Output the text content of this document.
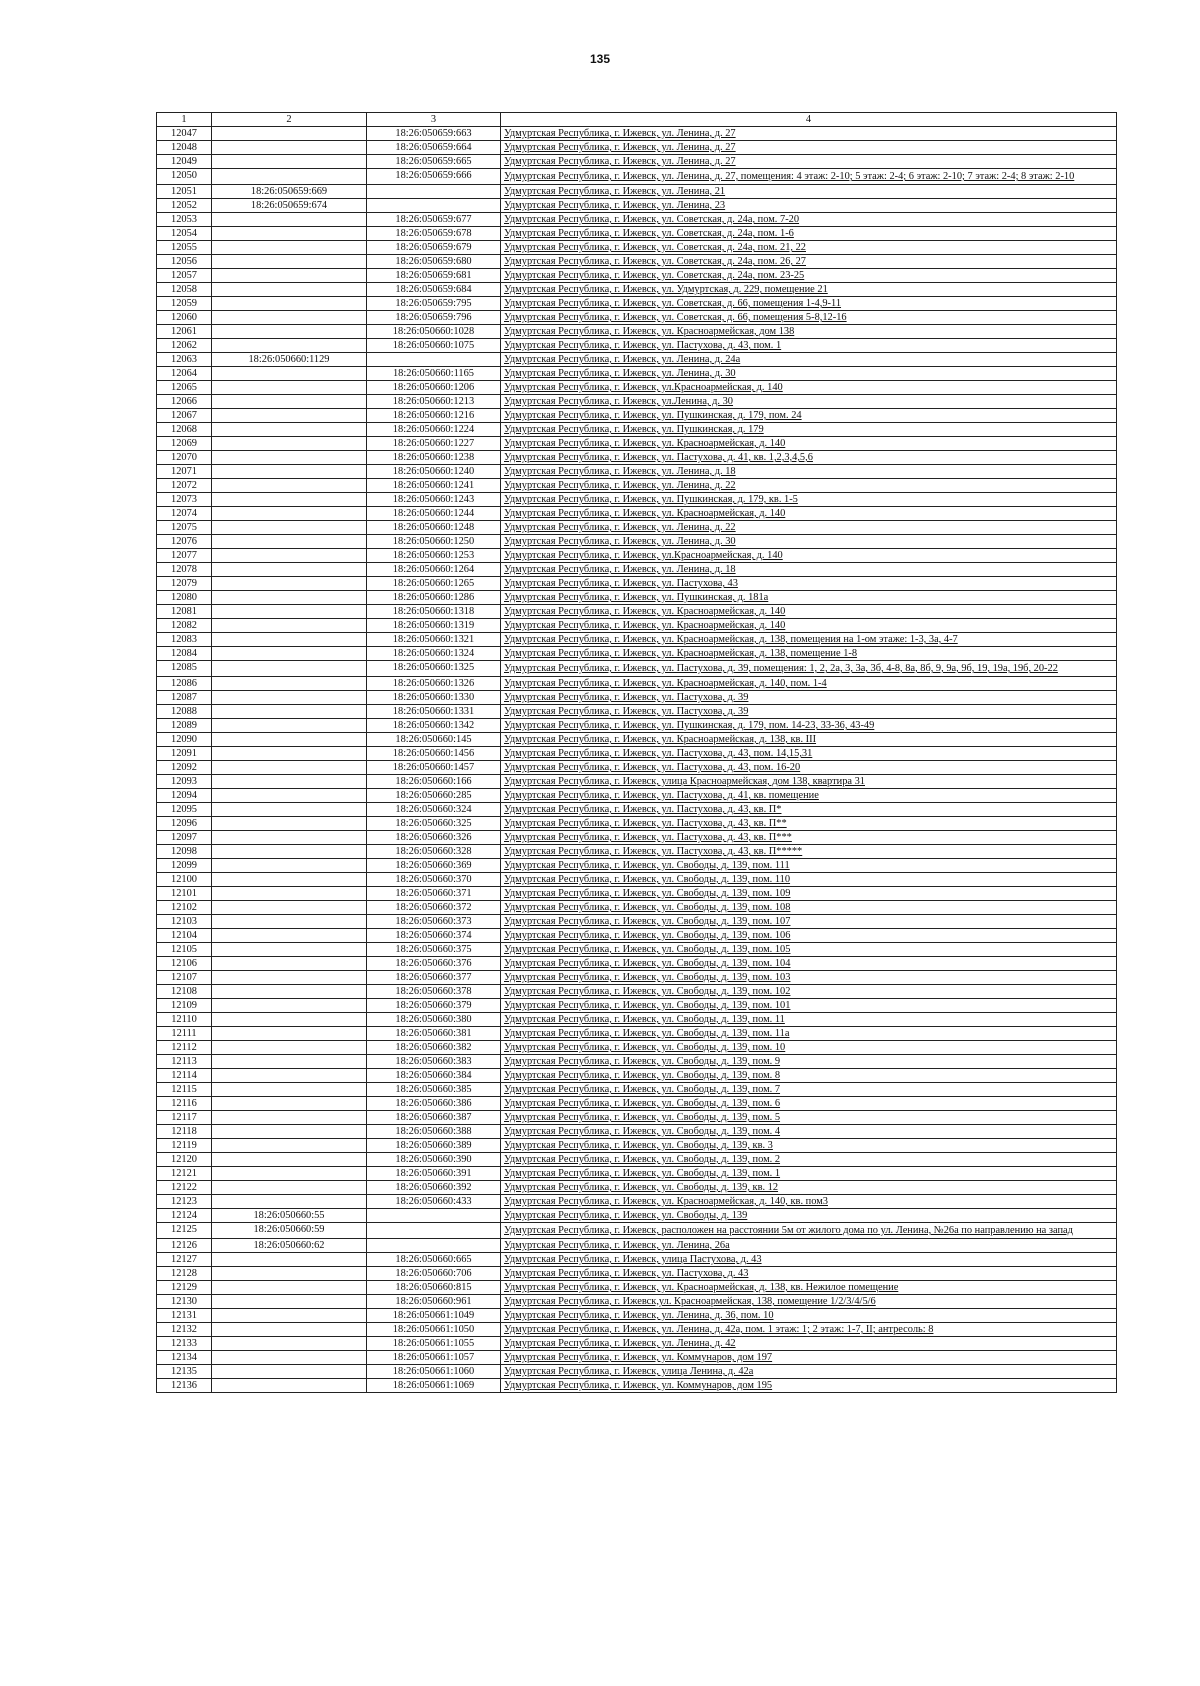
135
1	2	3	4
12047		18:26:050659:663	Удмуртская Республика, г. Ижевск, ул. Ленина, д. 27
12048		18:26:050659:664	Удмуртская Республика, г. Ижевск, ул. Ленина, д. 27
12049		18:26:050659:665	Удмуртская Республика, г. Ижевск, ул. Ленина, д. 27
12050		18:26:050659:666	Удмуртская Республика, г. Ижевск, ул. Ленина, д. 27, помещения: 4 этаж: 2-10; 5 этаж: 2-4; 6 этаж: 2-10; 7 этаж: 2-4; 8 этаж: 2-10
12051	18:26:050659:669		Удмуртская Республика, г. Ижевск, ул. Ленина, 21
12052	18:26:050659:674		Удмуртская Республика, г. Ижевск, ул. Ленина, 23
12053		18:26:050659:677	Удмуртская Республика, г. Ижевск, ул. Советская, д. 24а, пом. 7-20
12054		18:26:050659:678	Удмуртская Республика, г. Ижевск, ул. Советская, д. 24а, пом. 1-6
12055		18:26:050659:679	Удмуртская Республика, г. Ижевск, ул. Советская, д. 24а, пом. 21, 22
12056		18:26:050659:680	Удмуртская Республика, г. Ижевск, ул. Советская, д. 24а, пом. 26, 27
12057		18:26:050659:681	Удмуртская Республика, г. Ижевск, ул. Советская, д. 24а, пом. 23-25
12058		18:26:050659:684	Удмуртская Республика, г. Ижевск, ул. Удмуртская, д. 229, помещение 21
12059		18:26:050659:795	Удмуртская Республика, г. Ижевск, ул. Советская, д. 66, помещения 1-4,9-11
12060		18:26:050659:796	Удмуртская Республика, г. Ижевск, ул. Советская, д. 66, помещения 5-8,12-16
12061		18:26:050660:1028	Удмуртская Республика, г. Ижевск, ул. Красноармейская, дом 138
12062		18:26:050660:1075	Удмуртская Республика, г. Ижевск, ул. Пастухова, д. 43, пом. 1
12063	18:26:050660:1129		Удмуртская Республика, г. Ижевск, ул. Ленина, д. 24а
12064		18:26:050660:1165	Удмуртская Республика, г. Ижевск, ул. Ленина, д. 30
12065		18:26:050660:1206	Удмуртская Республика, г. Ижевск, ул.Красноармейская, д. 140
12066		18:26:050660:1213	Удмуртская Республика, г. Ижевск, ул.Ленина, д. 30
12067		18:26:050660:1216	Удмуртская Республика, г. Ижевск, ул. Пушкинская, д. 179, пом. 24
12068		18:26:050660:1224	Удмуртская Республика, г. Ижевск, ул. Пушкинская, д. 179
12069		18:26:050660:1227	Удмуртская Республика, г. Ижевск, ул. Красноармейская, д. 140
12070		18:26:050660:1238	Удмуртская Республика, г. Ижевск, ул. Пастухова, д. 41, кв. 1,2,3,4,5,6
12071		18:26:050660:1240	Удмуртская Республика, г. Ижевск, ул. Ленина, д. 18
12072		18:26:050660:1241	Удмуртская Республика, г. Ижевск, ул. Ленина, д. 22
12073		18:26:050660:1243	Удмуртская Республика, г. Ижевск, ул. Пушкинская, д. 179, кв. 1-5
12074		18:26:050660:1244	Удмуртская Республика, г. Ижевск, ул. Красноармейская, д. 140
12075		18:26:050660:1248	Удмуртская Республика, г. Ижевск, ул. Ленина, д. 22
12076		18:26:050660:1250	Удмуртская Республика, г. Ижевск, ул. Ленина, д. 30
12077		18:26:050660:1253	Удмуртская Республика, г. Ижевск, ул.Красноармейская, д. 140
12078		18:26:050660:1264	Удмуртская Республика, г. Ижевск, ул. Ленина, д. 18
12079		18:26:050660:1265	Удмуртская Республика, г. Ижевск, ул. Пастухова, 43
12080		18:26:050660:1286	Удмуртская Республика, г. Ижевск, ул. Пушкинская, д. 181а
12081		18:26:050660:1318	Удмуртская Республика, г. Ижевск, ул. Красноармейская, д. 140
12082		18:26:050660:1319	Удмуртская Республика, г. Ижевск, ул. Красноармейская, д. 140
12083		18:26:050660:1321	Удмуртская Республика, г. Ижевск, ул. Красноармейская, д. 138, помещения на 1-ом этаже: 1-3, 3а, 4-7
12084		18:26:050660:1324	Удмуртская Республика, г. Ижевск, ул. Красноармейская, д. 138, помещение 1-8
12085		18:26:050660:1325	Удмуртская Республика, г. Ижевск, ул. Пастухова, д. 39, помещения: 1, 2, 2а, 3, 3а, 3б, 4-8, 8а, 8б, 9, 9а, 9б, 19, 19а, 19б, 20-22
12086		18:26:050660:1326	Удмуртская Республика, г. Ижевск, ул. Красноармейская, д. 140, пом. 1-4
12087		18:26:050660:1330	Удмуртская Республика, г. Ижевск, ул. Пастухова, д. 39
12088		18:26:050660:1331	Удмуртская Республика, г. Ижевск, ул. Пастухова, д. 39
12089		18:26:050660:1342	Удмуртская Республика, г. Ижевск, ул. Пушкинская, д. 179, пом. 14-23, 33-36, 43-49
12090		18:26:050660:145	Удмуртская Республика, г. Ижевск, ул. Красноармейская, д. 138, кв. III
12091		18:26:050660:1456	Удмуртская Республика, г. Ижевск, ул. Пастухова, д. 43, пом. 14,15,31
12092		18:26:050660:1457	Удмуртская Республика, г. Ижевск, ул. Пастухова, д. 43, пом. 16-20
12093		18:26:050660:166	Удмуртская Республика, г. Ижевск, улица Красноармейская, дом 138, квартира 31
12094		18:26:050660:285	Удмуртская Республика, г. Ижевск, ул. Пастухова, д. 41, кв. помещение
12095		18:26:050660:324	Удмуртская Республика, г. Ижевск, ул. Пастухова, д. 43, кв. П*
12096		18:26:050660:325	Удмуртская Республика, г. Ижевск, ул. Пастухова, д. 43, кв. П**
12097		18:26:050660:326	Удмуртская Республика, г. Ижевск, ул. Пастухова, д. 43, кв. П***
12098		18:26:050660:328	Удмуртская Республика, г. Ижевск, ул. Пастухова, д. 43, кв. П*****
12099		18:26:050660:369	Удмуртская Республика, г. Ижевск, ул. Свободы, д. 139, пом. 111
12100		18:26:050660:370	Удмуртская Республика, г. Ижевск, ул. Свободы, д. 139, пом. 110
12101		18:26:050660:371	Удмуртская Республика, г. Ижевск, ул. Свободы, д. 139, пом. 109
12102		18:26:050660:372	Удмуртская Республика, г. Ижевск, ул. Свободы, д. 139, пом. 108
12103		18:26:050660:373	Удмуртская Республика, г. Ижевск, ул. Свободы, д. 139, пом. 107
12104		18:26:050660:374	Удмуртская Республика, г. Ижевск, ул. Свободы, д. 139, пом. 106
12105		18:26:050660:375	Удмуртская Республика, г. Ижевск, ул. Свободы, д. 139, пом. 105
12106		18:26:050660:376	Удмуртская Республика, г. Ижевск, ул. Свободы, д. 139, пом. 104
12107		18:26:050660:377	Удмуртская Республика, г. Ижевск, ул. Свободы, д. 139, пом. 103
12108		18:26:050660:378	Удмуртская Республика, г. Ижевск, ул. Свободы, д. 139, пом. 102
12109		18:26:050660:379	Удмуртская Республика, г. Ижевск, ул. Свободы, д. 139, пом. 101
12110		18:26:050660:380	Удмуртская Республика, г. Ижевск, ул. Свободы, д. 139, пом. 11
12111		18:26:050660:381	Удмуртская Республика, г. Ижевск, ул. Свободы, д. 139, пом. 11а
12112		18:26:050660:382	Удмуртская Республика, г. Ижевск, ул. Свободы, д. 139, пом. 10
12113		18:26:050660:383	Удмуртская Республика, г. Ижевск, ул. Свободы, д. 139, пом. 9
12114		18:26:050660:384	Удмуртская Республика, г. Ижевск, ул. Свободы, д. 139, пом. 8
12115		18:26:050660:385	Удмуртская Республика, г. Ижевск, ул. Свободы, д. 139, пом. 7
12116		18:26:050660:386	Удмуртская Республика, г. Ижевск, ул. Свободы, д. 139, пом. 6
12117		18:26:050660:387	Удмуртская Республика, г. Ижевск, ул. Свободы, д. 139, пом. 5
12118		18:26:050660:388	Удмуртская Республика, г. Ижевск, ул. Свободы, д. 139, пом. 4
12119		18:26:050660:389	Удмуртская Республика, г. Ижевск, ул. Свободы, д. 139, кв. 3
12120		18:26:050660:390	Удмуртская Республика, г. Ижевск, ул. Свободы, д. 139, пом. 2
12121		18:26:050660:391	Удмуртская Республика, г. Ижевск, ул. Свободы, д. 139, пом. 1
12122		18:26:050660:392	Удмуртская Республика, г. Ижевск, ул. Свободы, д. 139, кв. 12
12123		18:26:050660:433	Удмуртская Республика, г. Ижевск, ул. Красноармейская, д. 140, кв. пом3
12124	18:26:050660:55		Удмуртская Республика, г. Ижевск, ул. Свободы, д. 139
12125	18:26:050660:59		Удмуртская Республика, г. Ижевск, расположен на расстоянии 5м от жилого дома по ул. Ленина, №26а по направлению на запад
12126	18:26:050660:62		Удмуртская Республика, г. Ижевск, ул. Ленина, 26а
12127		18:26:050660:665	Удмуртская Республика, г. Ижевск, улица Пастухова, д. 43
12128		18:26:050660:706	Удмуртская Республика, г. Ижевск, ул. Пастухова, д. 43
12129		18:26:050660:815	Удмуртская Республика, г. Ижевск, ул. Красноармейская, д. 138, кв. Нежилое помещение
12130		18:26:050660:961	Удмуртская Республика, г. Ижевск,ул. Красноармейская, 138, помещение 1/2/3/4/5/6
12131		18:26:050661:1049	Удмуртская Республика, г. Ижевск, ул. Ленина, д. 36, пом. 10
12132		18:26:050661:1050	Удмуртская Республика, г. Ижевск, ул. Ленина, д. 42а, пом. 1 этаж: 1; 2 этаж: 1-7, II; антресоль: 8
12133		18:26:050661:1055	Удмуртская Республика, г. Ижевск, ул. Ленина, д. 42
12134		18:26:050661:1057	Удмуртская Республика, г. Ижевск, ул. Коммунаров, дом 197
12135		18:26:050661:1060	Удмуртская Республика, г. Ижевск, улица Ленина, д. 42а
12136		18:26:050661:1069	Удмуртская Республика, г. Ижевск, ул. Коммунаров, дом 195
